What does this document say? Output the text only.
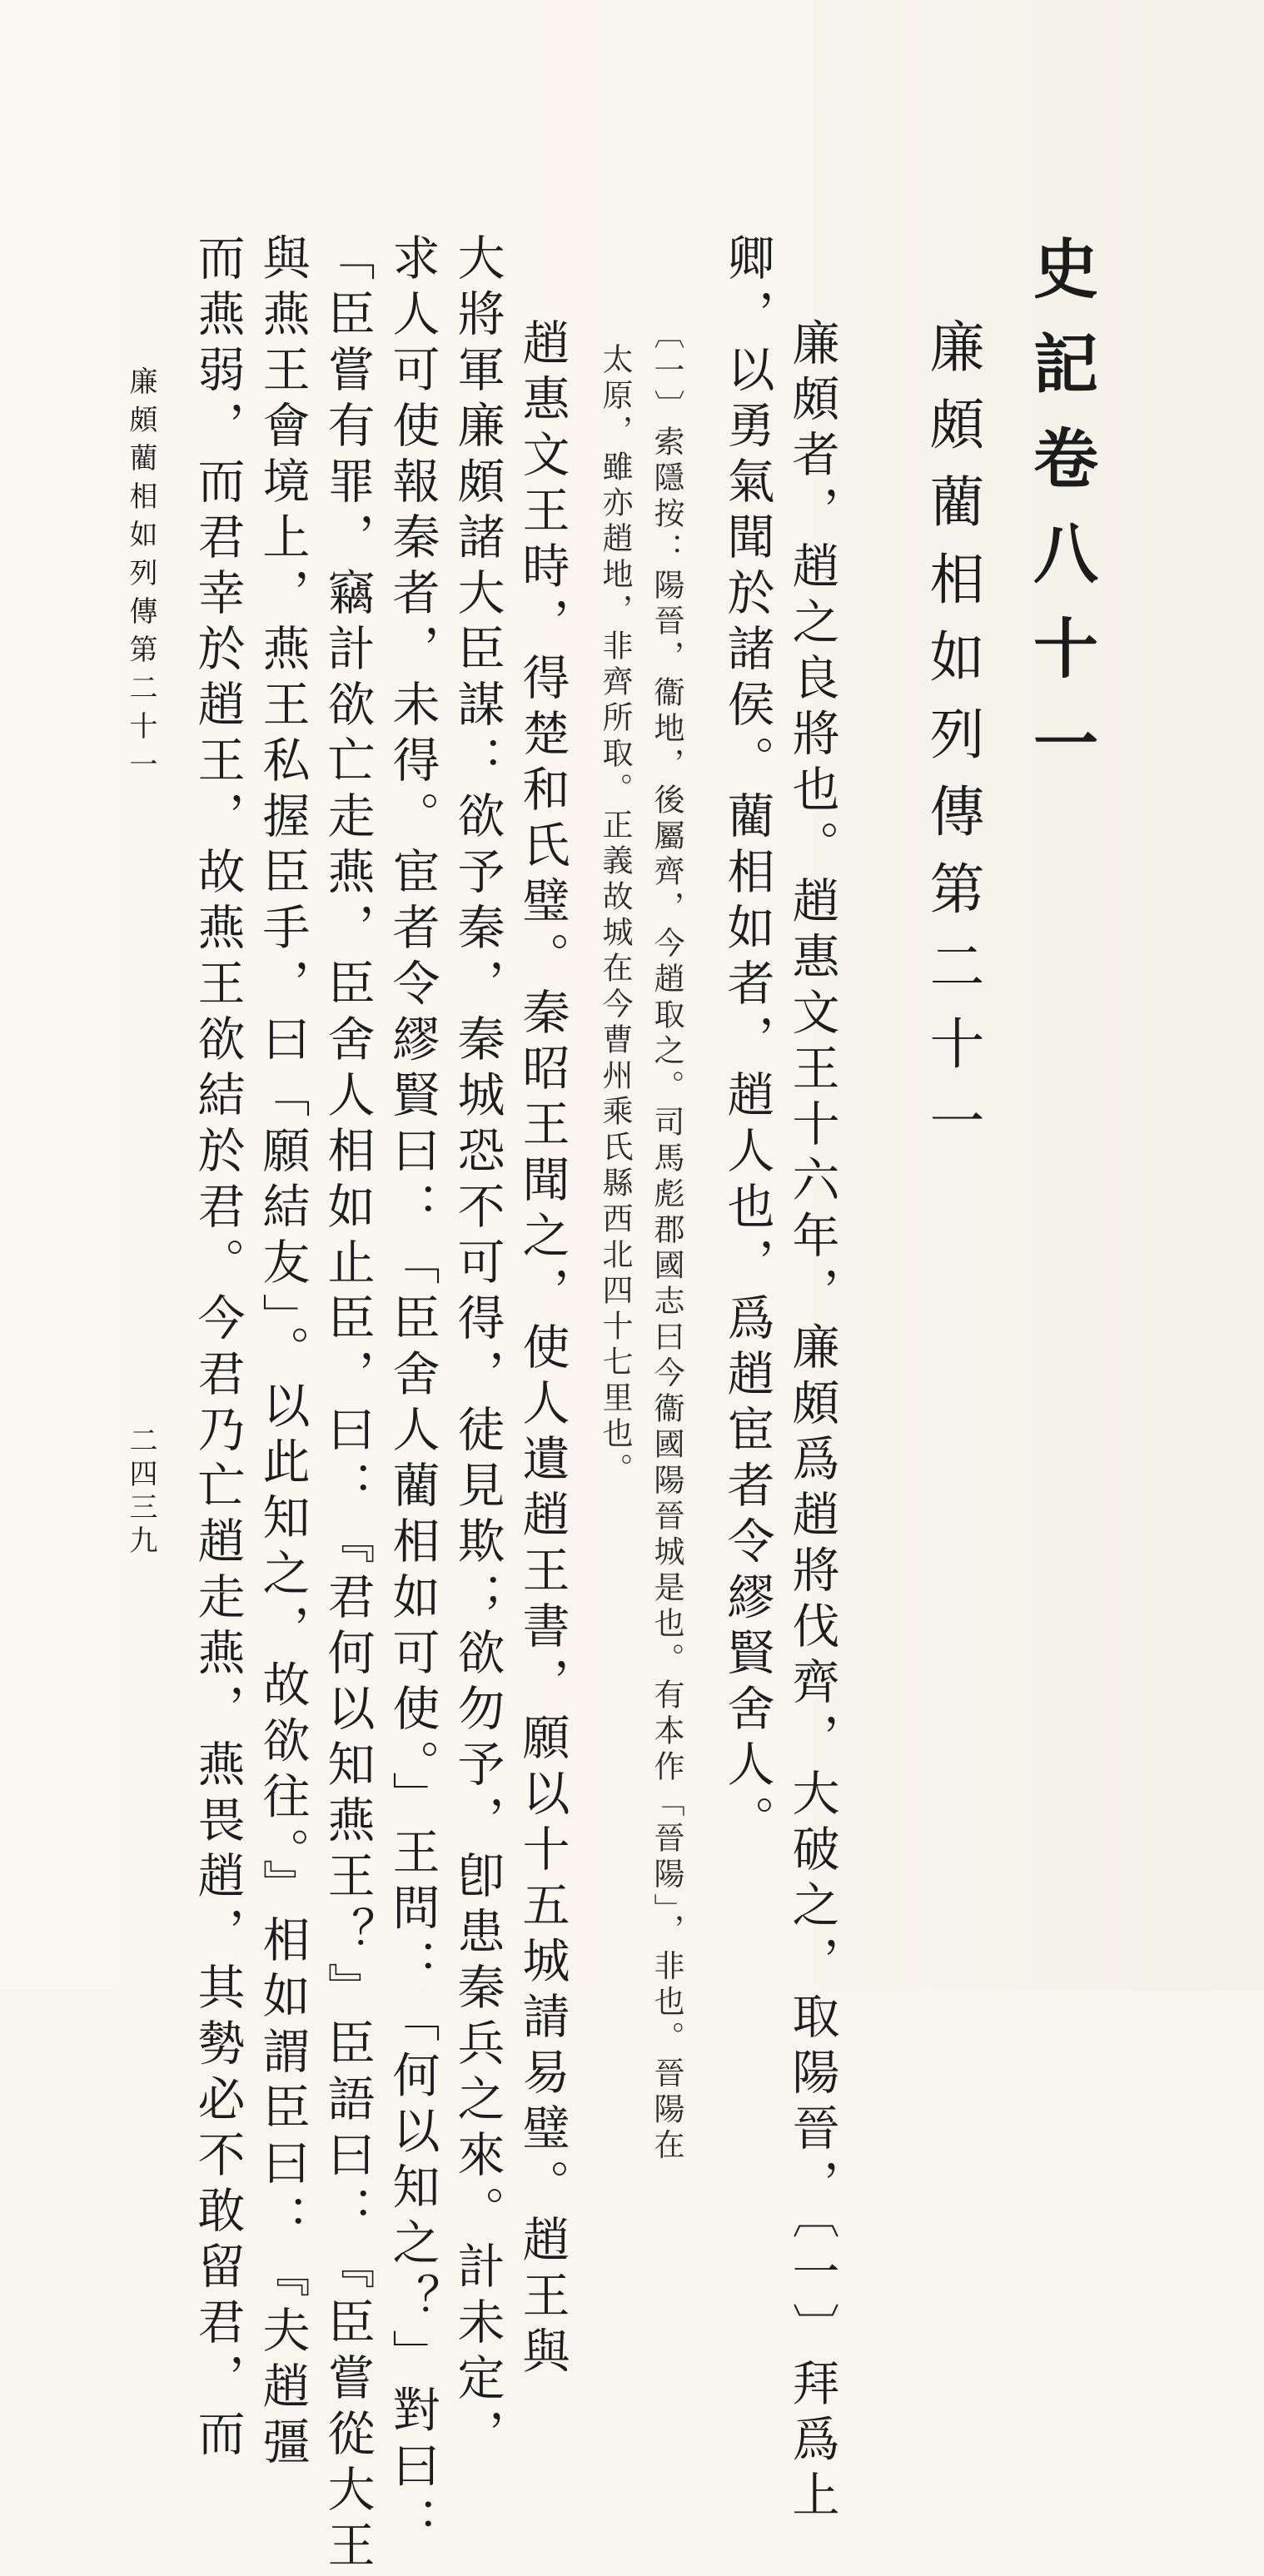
史記卷八十一
廉頗藺相如列傳第二十一
廉頗者，趙之良將也。趙惠文王十六年，廉頗爲趙將伐齊，大破之，取陽晉，〔一〕拜爲上
卿，以勇氣聞於諸侯。藺相如者，趙人也，爲趙宦者令繆賢舍人。
〔一〕索隱按：陽晉，衞地，後屬齊，今趙取之。司馬彪郡國志曰今衞國陽晉城是也。有本作「晉陽」，非也。晉陽在
太原，雖亦趙地，非齊所取。正義故城在今曹州乘氏縣西北四十七里也。
趙惠文王時，得楚和氏璧。秦昭王聞之，使人遺趙王書，願以十五城請易璧。趙王與
大將軍廉頗諸大臣謀：欲予秦，秦城恐不可得，徒見欺；欲勿予，卽患秦兵之來。計未定，
求人可使報秦者，未得。宦者令繆賢曰：「臣舍人藺相如可使。」王問：「何以知之？」對曰：
「臣嘗有罪，竊計欲亡走燕，臣舍人相如止臣，曰：『君何以知燕王？』臣語曰：『臣嘗從大王
與燕王會境上，燕王私握臣手，曰「願結友」。以此知之，故欲往。』相如謂臣曰：『夫趙彊
而燕弱，而君幸於趙王，故燕王欲結於君。今君乃亡趙走燕，燕畏趙，其勢必不敢留君，而
廉頗藺相如列傳第二十一
二四三九
